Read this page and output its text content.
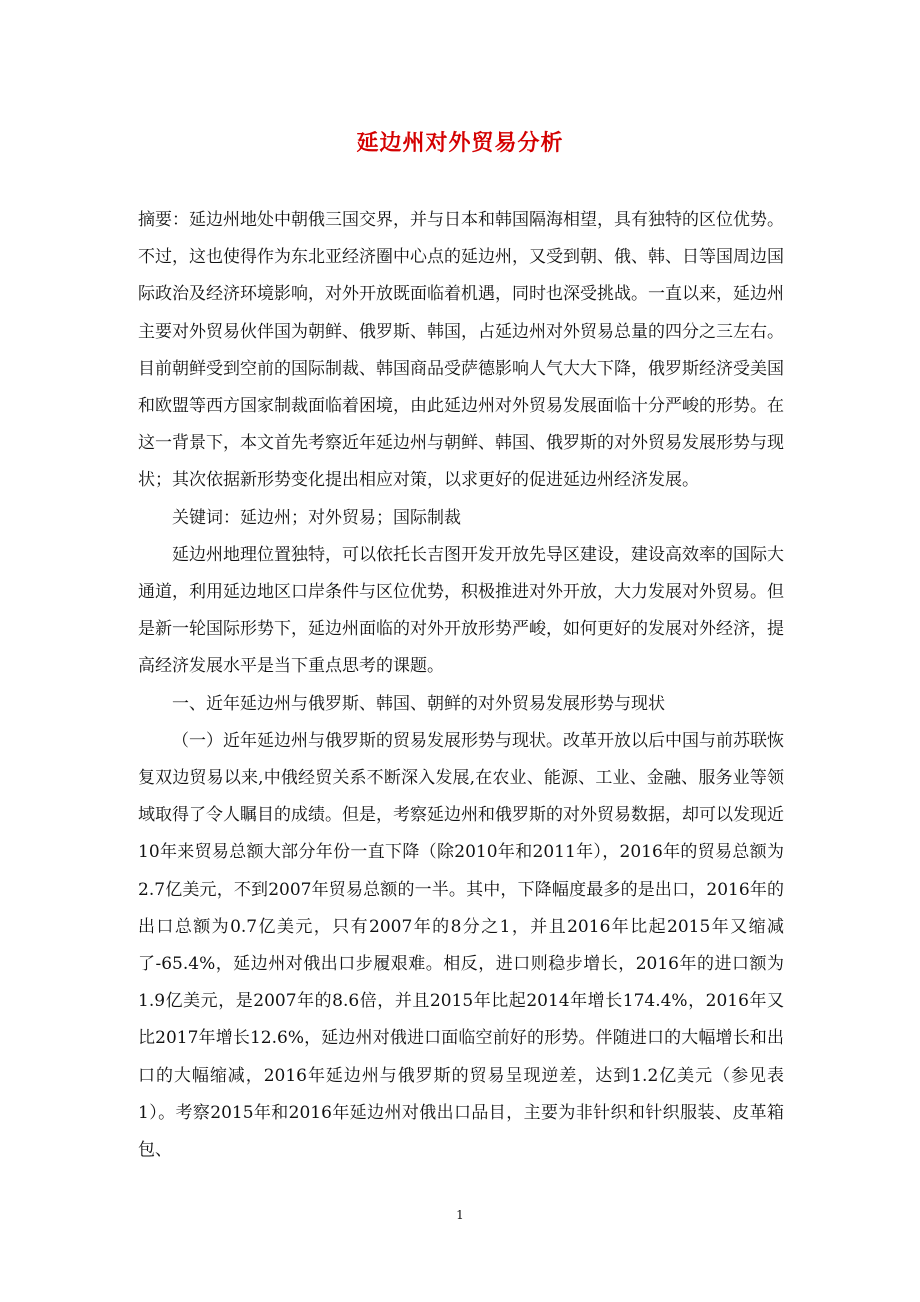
延边州对外贸易分析

摘要：延边州地处中朝俄三国交界，并与日本和韩国隔海相望，具有独特的区位优势。不过，这也使得作为东北亚经济圈中心点的延边州，又受到朝、俄、韩、日等国周边国际政治及经济环境影响，对外开放既面临着机遇，同时也深受挑战。一直以来，延边州主要对外贸易伙伴国为朝鲜、俄罗斯、韩国，占延边州对外贸易总量的四分之三左右。目前朝鲜受到空前的国际制裁、韩国商品受萨德影响人气大大下降，俄罗斯经济受美国和欧盟等西方国家制裁面临着困境，由此延边州对外贸易发展面临十分严峻的形势。在这一背景下，本文首先考察近年延边州与朝鲜、韩国、俄罗斯的对外贸易发展形势与现状；其次依据新形势变化提出相应对策，以求更好的促进延边州经济发展。

关键词：延边州；对外贸易；国际制裁

延边州地理位置独特，可以依托长吉图开发开放先导区建设，建设高效率的国际大通道，利用延边地区口岸条件与区位优势，积极推进对外开放，大力发展对外贸易。但是新一轮国际形势下，延边州面临的对外开放形势严峻，如何更好的发展对外经济，提高经济发展水平是当下重点思考的课题。

一、近年延边州与俄罗斯、韩国、朝鲜的对外贸易发展形势与现状

（一）近年延边州与俄罗斯的贸易发展形势与现状。改革开放以后中国与前苏联恢复双边贸易以来,中俄经贸关系不断深入发展,在农业、能源、工业、金融、服务业等领域取得了令人瞩目的成绩。但是，考察延边州和俄罗斯的对外贸易数据，却可以发现近10年来贸易总额大部分年份一直下降（除2010年和2011年），2016年的贸易总额为2.7亿美元，不到2007年贸易总额的一半。其中，下降幅度最多的是出口，2016年的出口总额为0.7亿美元，只有2007年的8分之1，并且2016年比起2015年又缩减了-65.4%，延边州对俄出口步履艰难。相反，进口则稳步增长，2016年的进口额为1.9亿美元，是2007年的8.6倍，并且2015年比起2014年增长174.4%，2016年又比2017年增长12.6%，延边州对俄进口面临空前好的形势。伴随进口的大幅增长和出口的大幅缩减，2016年延边州与俄罗斯的贸易呈现逆差，达到1.2亿美元（参见表1）。考察2015年和2016年延边州对俄出口品目，主要为非针织和针织服装、皮革箱包、

1
